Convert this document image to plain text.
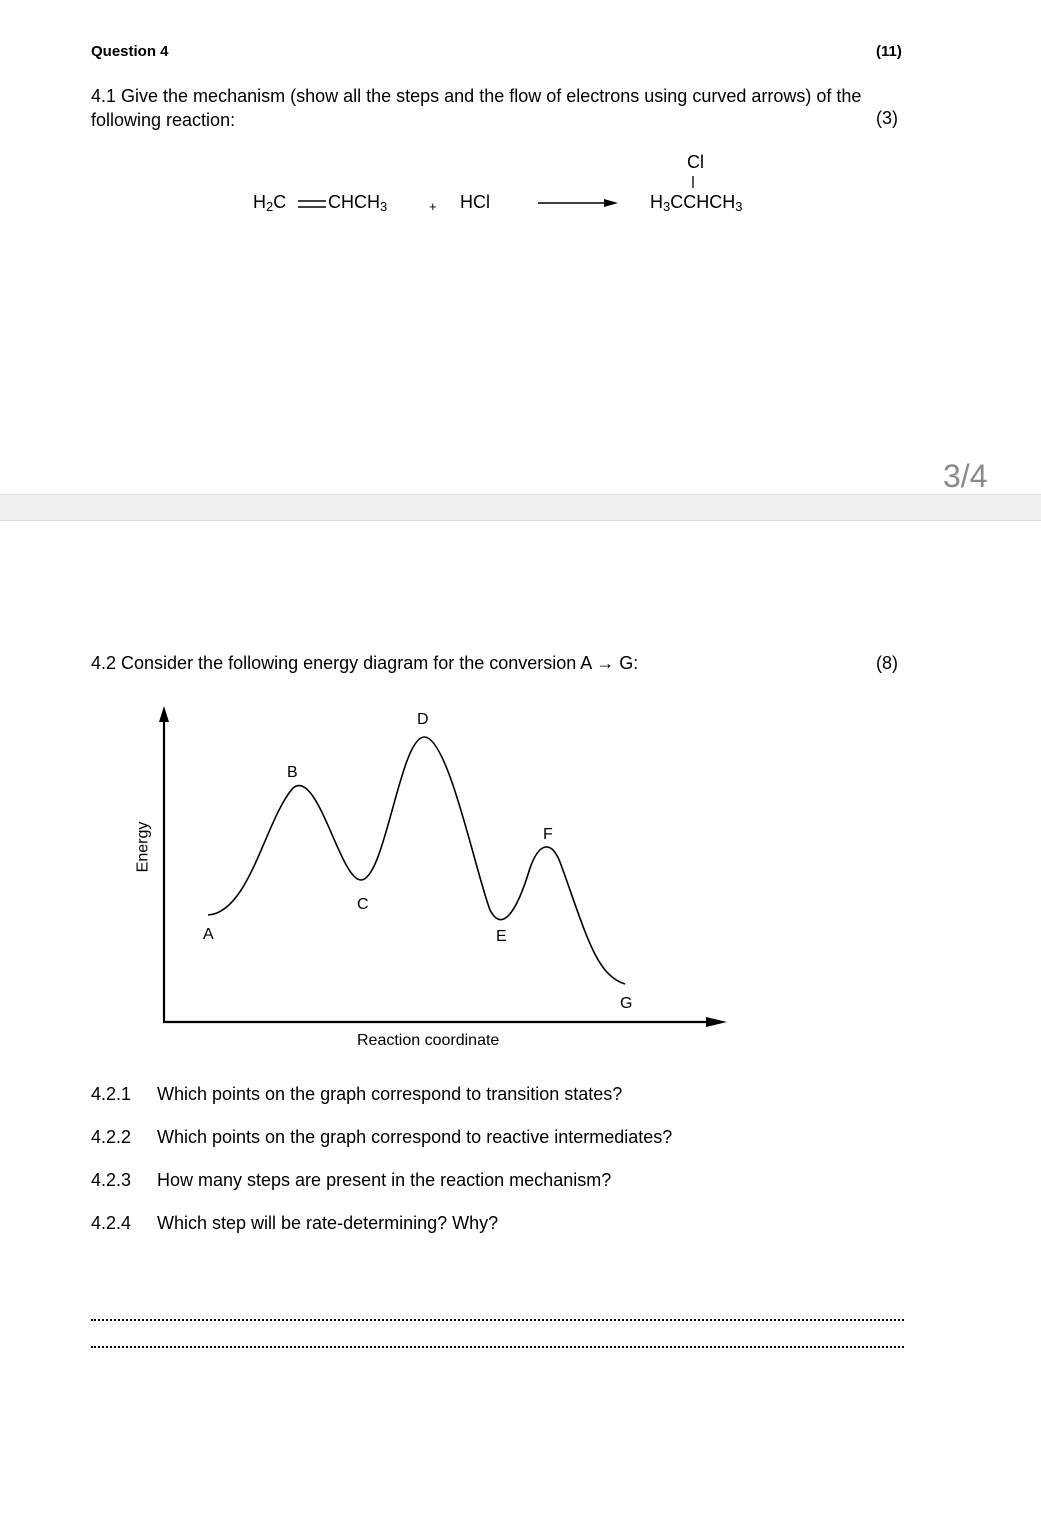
Question 4	(11)
4.1 Give the mechanism (show all the steps and the flow of electrons using curved arrows) of the following reaction:	(3)
$H_2C$ $CHCH_3$	+ HCl
Cl
$H_3CCHCH_3$
3/4
4.2 Consider the following energy diagram for the conversion A → G:	(8)
Energy
Reaction coordinate
A
B
C
D
E
F
G
4.2.1 Which points on the graph correspond to transition states?
4.2.2 Which points on the graph correspond to reactive intermediates?
4.2.3 How many steps are present in the reaction mechanism?
4.2.4 Which step will be rate-determining? Why?
